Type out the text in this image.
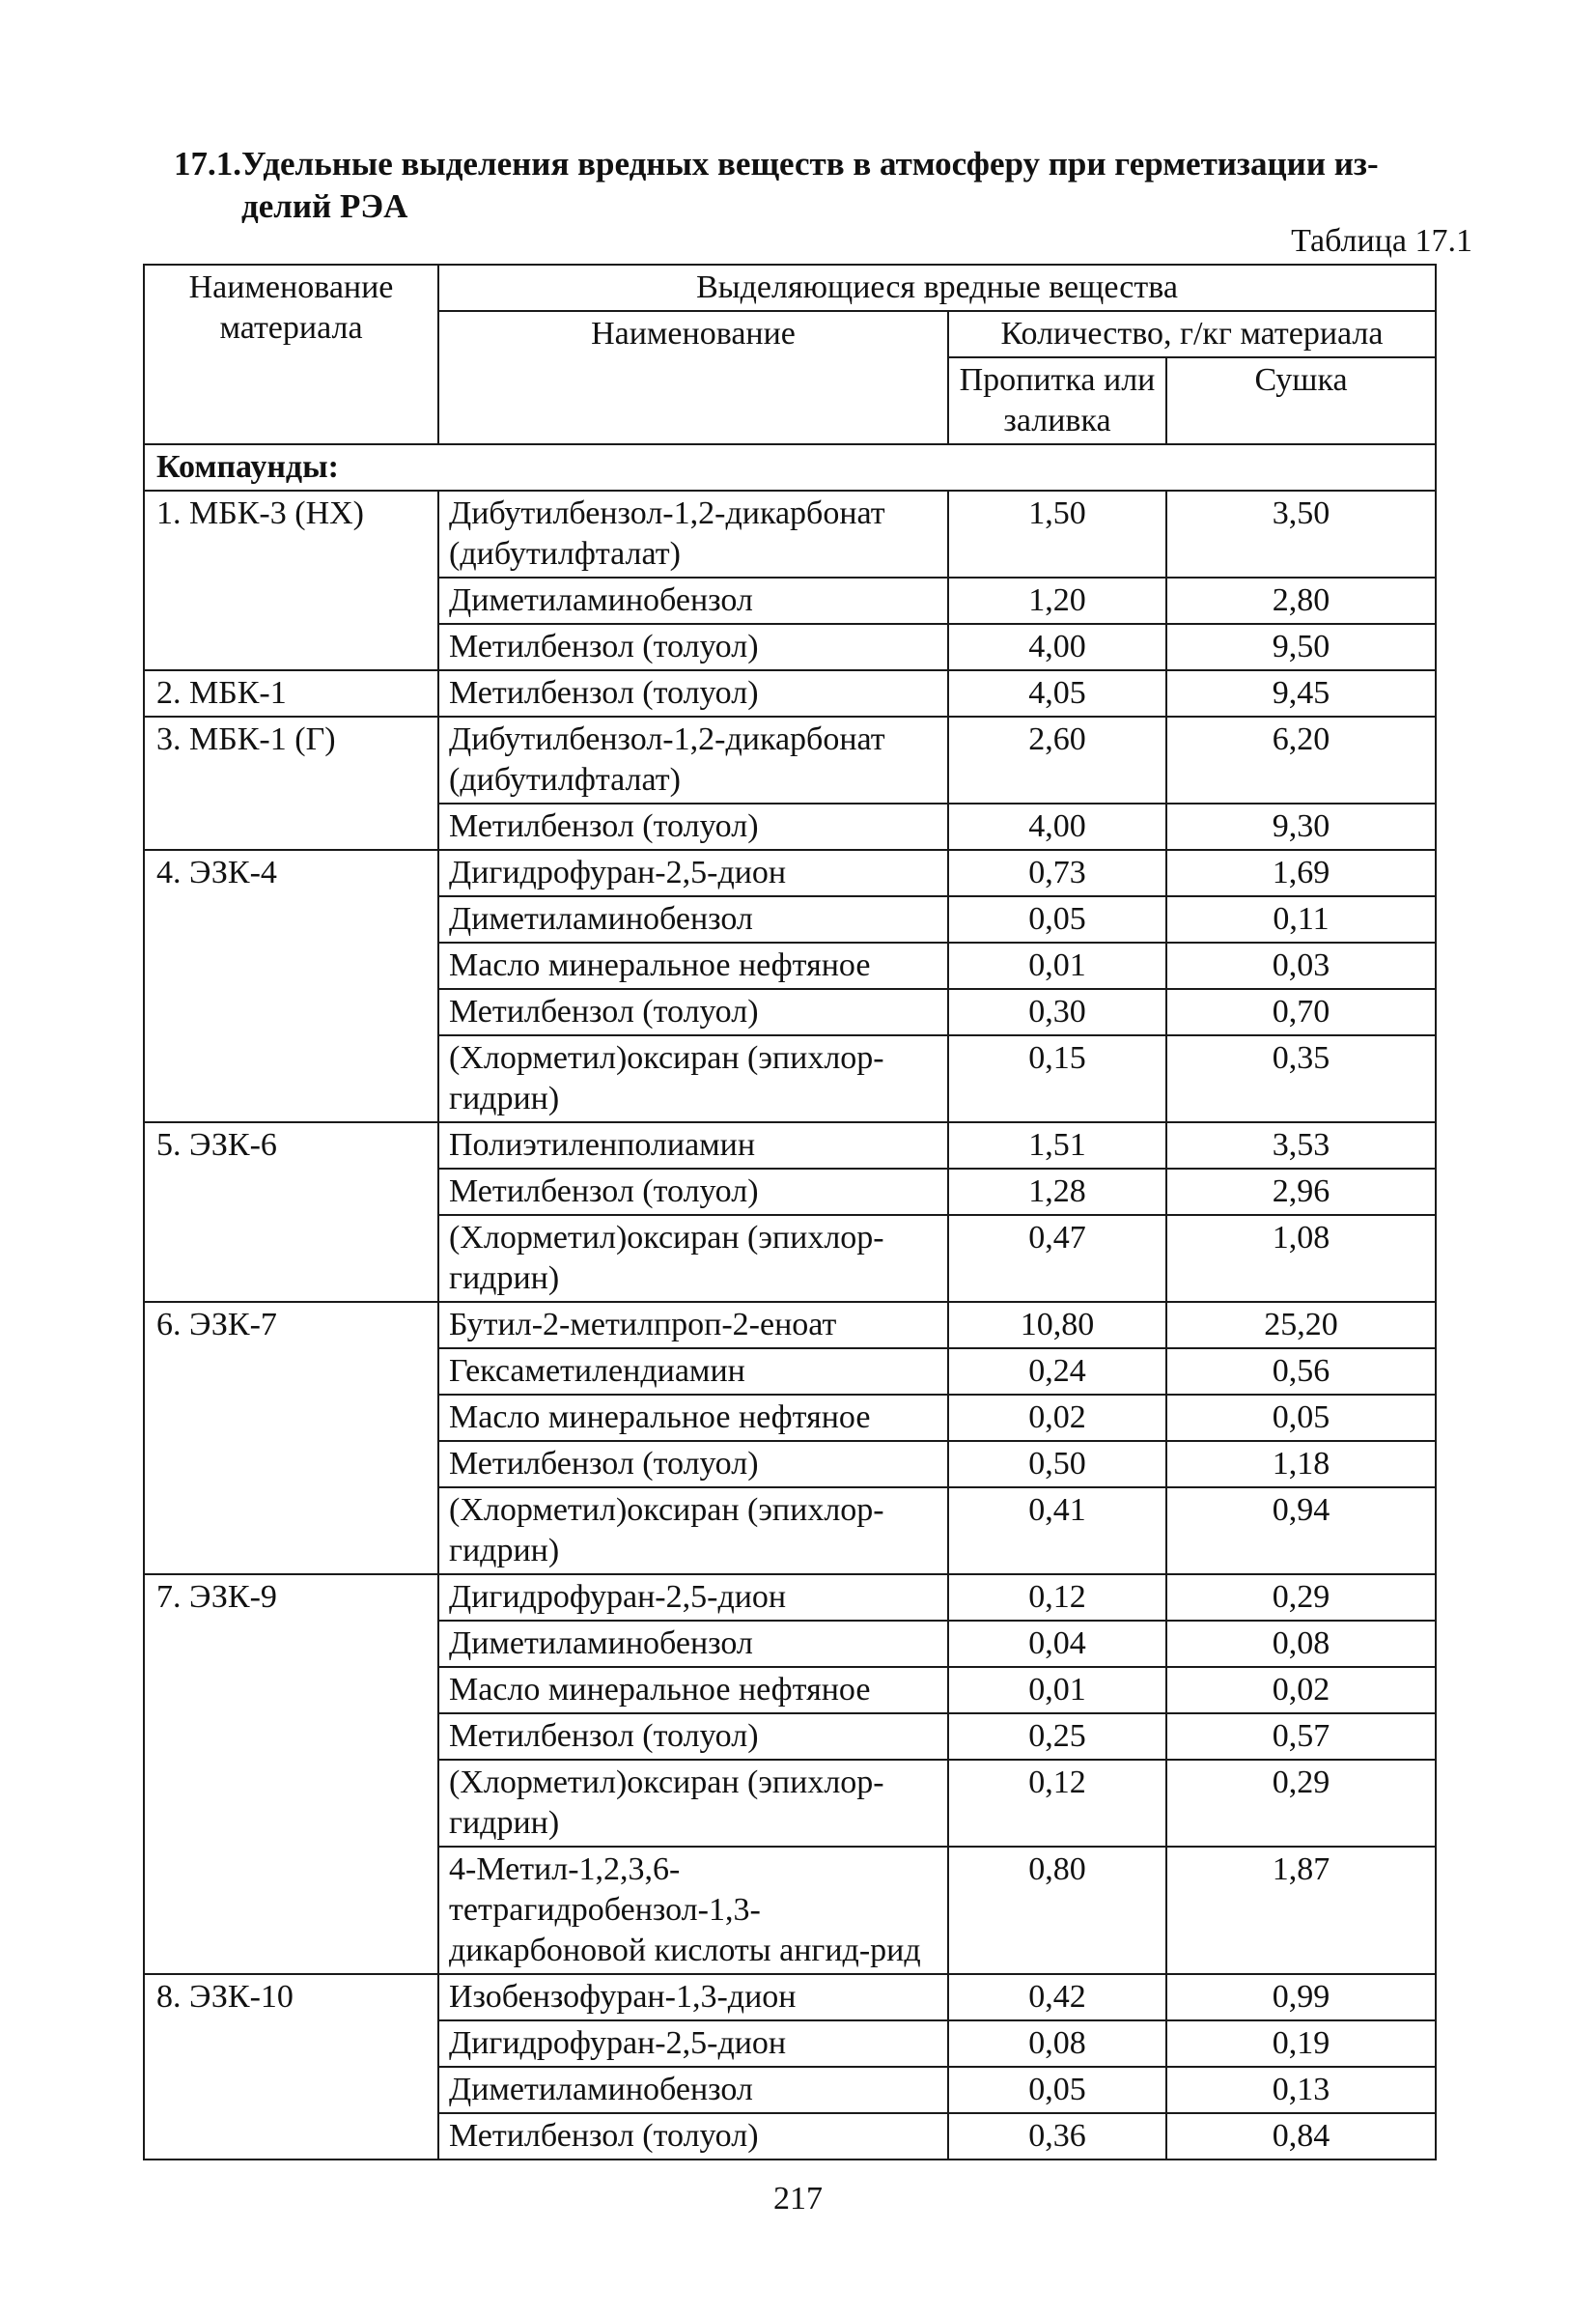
17.1.Удельные выделения вредных веществ в атмосферу при герметизации из-
делий РЭА
Таблица 17.1
Наименование материала	Выделяющиеся вредные вещества		
	Наименование	Количество, г/кг материала	
		Пропитка или заливка	Сушка
Компаунды:			
1. МБК-3 (НХ)	Дибутилбензол-1,2-дикарбонат (дибутилфталат)	1,50	3,50
	Диметиламинобензол	1,20	2,80
	Метилбензол (толуол)	4,00	9,50
2. МБК-1	Метилбензол (толуол)	4,05	9,45
3. МБК-1 (Г)	Дибутилбензол-1,2-дикарбонат (дибутилфталат)	2,60	6,20
	Метилбензол (толуол)	4,00	9,30
4. ЭЗК-4	Дигидрофуран-2,5-дион	0,73	1,69
	Диметиламинобензол	0,05	0,11
	Масло минеральное нефтяное	0,01	0,03
	Метилбензол (толуол)	0,30	0,70
	(Хлорметил)оксиран (эпихлор-гидрин)	0,15	0,35
5. ЭЗК-6	Полиэтиленполиамин	1,51	3,53
	Метилбензол (толуол)	1,28	2,96
	(Хлорметил)оксиран (эпихлор-гидрин)	0,47	1,08
6. ЭЗК-7	Бутил-2-метилпроп-2-еноат	10,80	25,20
	Гексаметилендиамин	0,24	0,56
	Масло минеральное нефтяное	0,02	0,05
	Метилбензол (толуол)	0,50	1,18
	(Хлорметил)оксиран (эпихлор-гидрин)	0,41	0,94
7. ЭЗК-9	Дигидрофуран-2,5-дион	0,12	0,29
	Диметиламинобензол	0,04	0,08
	Масло минеральное нефтяное	0,01	0,02
	Метилбензол (толуол)	0,25	0,57
	(Хлорметил)оксиран (эпихлор-гидрин)	0,12	0,29
	4-Метил-1,2,3,6-тетрагидробензол-1,3-дикарбоновой кислоты ангид-рид	0,80	1,87
8. ЭЗК-10	Изобензофуран-1,3-дион	0,42	0,99
	Дигидрофуран-2,5-дион	0,08	0,19
	Диметиламинобензол	0,05	0,13
	Метилбензол (толуол)	0,36	0,84
217
